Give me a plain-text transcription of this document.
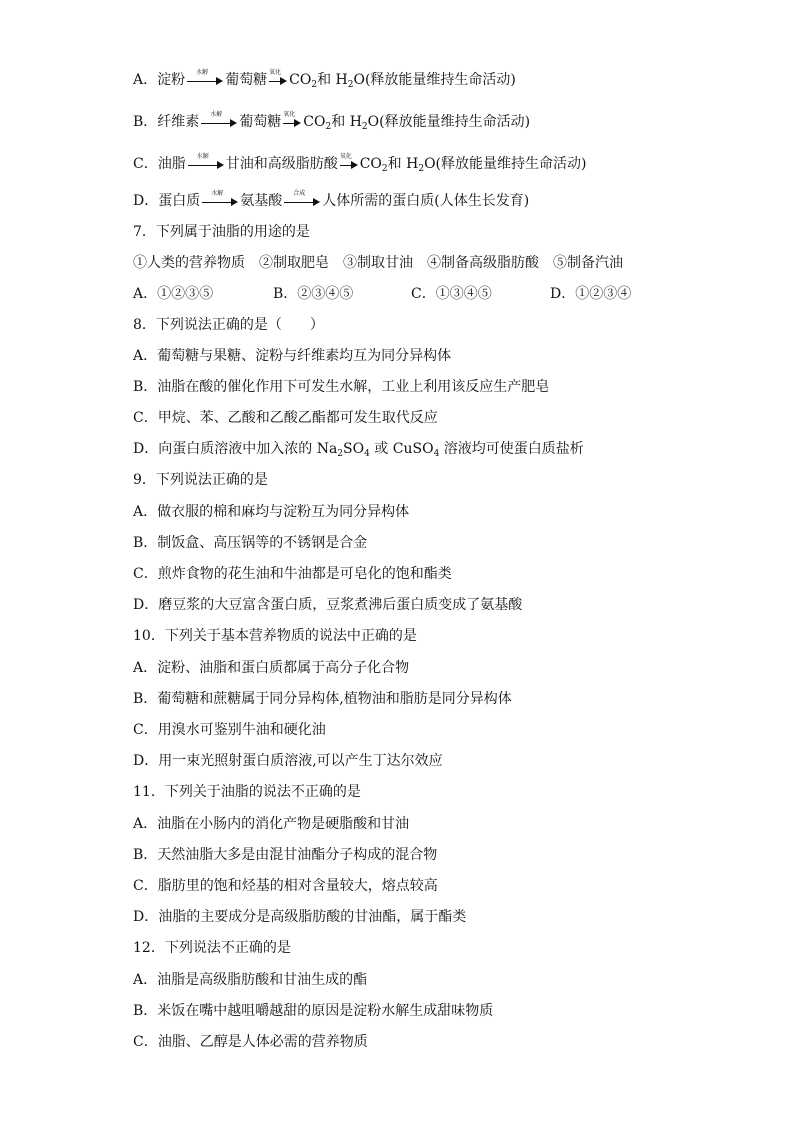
A．淀粉	水解	葡萄糖 氧化 $CO_2$和 $H_2O$(释放能量维持生命活动)
B．纤维素	水解	葡萄糖 氧化 $CO_2$和 $H_2O$(释放能量维持生命活动)
C．油脂	水解	甘油和高级脂肪酸 氧化 $CO_2$和 $H_2O$(释放能量维持生命活动)
D．蛋白质	水解	氨基酸	合成	人体所需的蛋白质(人体生长发育)
7．下列属于油脂的用途的是
①人类的营养物质 ②制取肥皂 ③制取甘油 ④制备高级脂肪酸 ⑤制备汽油
A．①②③⑤	B．②③④⑤	C．①③④⑤	D．①②③④
8．下列说法正确的是（　　）
A．葡萄糖与果糖、淀粉与纤维素均互为同分异构体
B．油脂在酸的催化作用下可发生水解，工业上利用该反应生产肥皂
C．甲烷、苯、乙酸和乙酸乙酯都可发生取代反应
D．向蛋白质溶液中加入浓的 $Na_2SO_4$ 或 CuSO$_4$ 溶液均可使蛋白质盐析
9．下列说法正确的是
A．做衣服的棉和麻均与淀粉互为同分异构体
B．制饭盒、高压锅等的不锈钢是合金
C．煎炸食物的花生油和牛油都是可皂化的饱和酯类
D．磨豆浆的大豆富含蛋白质，豆浆煮沸后蛋白质变成了氨基酸
10．下列关于基本营养物质的说法中正确的是
A．淀粉、油脂和蛋白质都属于高分子化合物
B．葡萄糖和蔗糖属于同分异构体,植物油和脂肪是同分异构体
C．用溴水可鉴别牛油和硬化油
D．用一束光照射蛋白质溶液,可以产生丁达尔效应
11．下列关于油脂的说法不正确的是
A．油脂在小肠内的消化产物是硬脂酸和甘油
B．天然油脂大多是由混甘油酯分子构成的混合物
C．脂肪里的饱和烃基的相对含量较大，熔点较高
D．油脂的主要成分是高级脂肪酸的甘油酯，属于酯类
12．下列说法不正确的是
A．油脂是高级脂肪酸和甘油生成的酯
B．米饭在嘴中越咀嚼越甜的原因是淀粉水解生成甜味物质
C．油脂、乙醇是人体必需的营养物质
